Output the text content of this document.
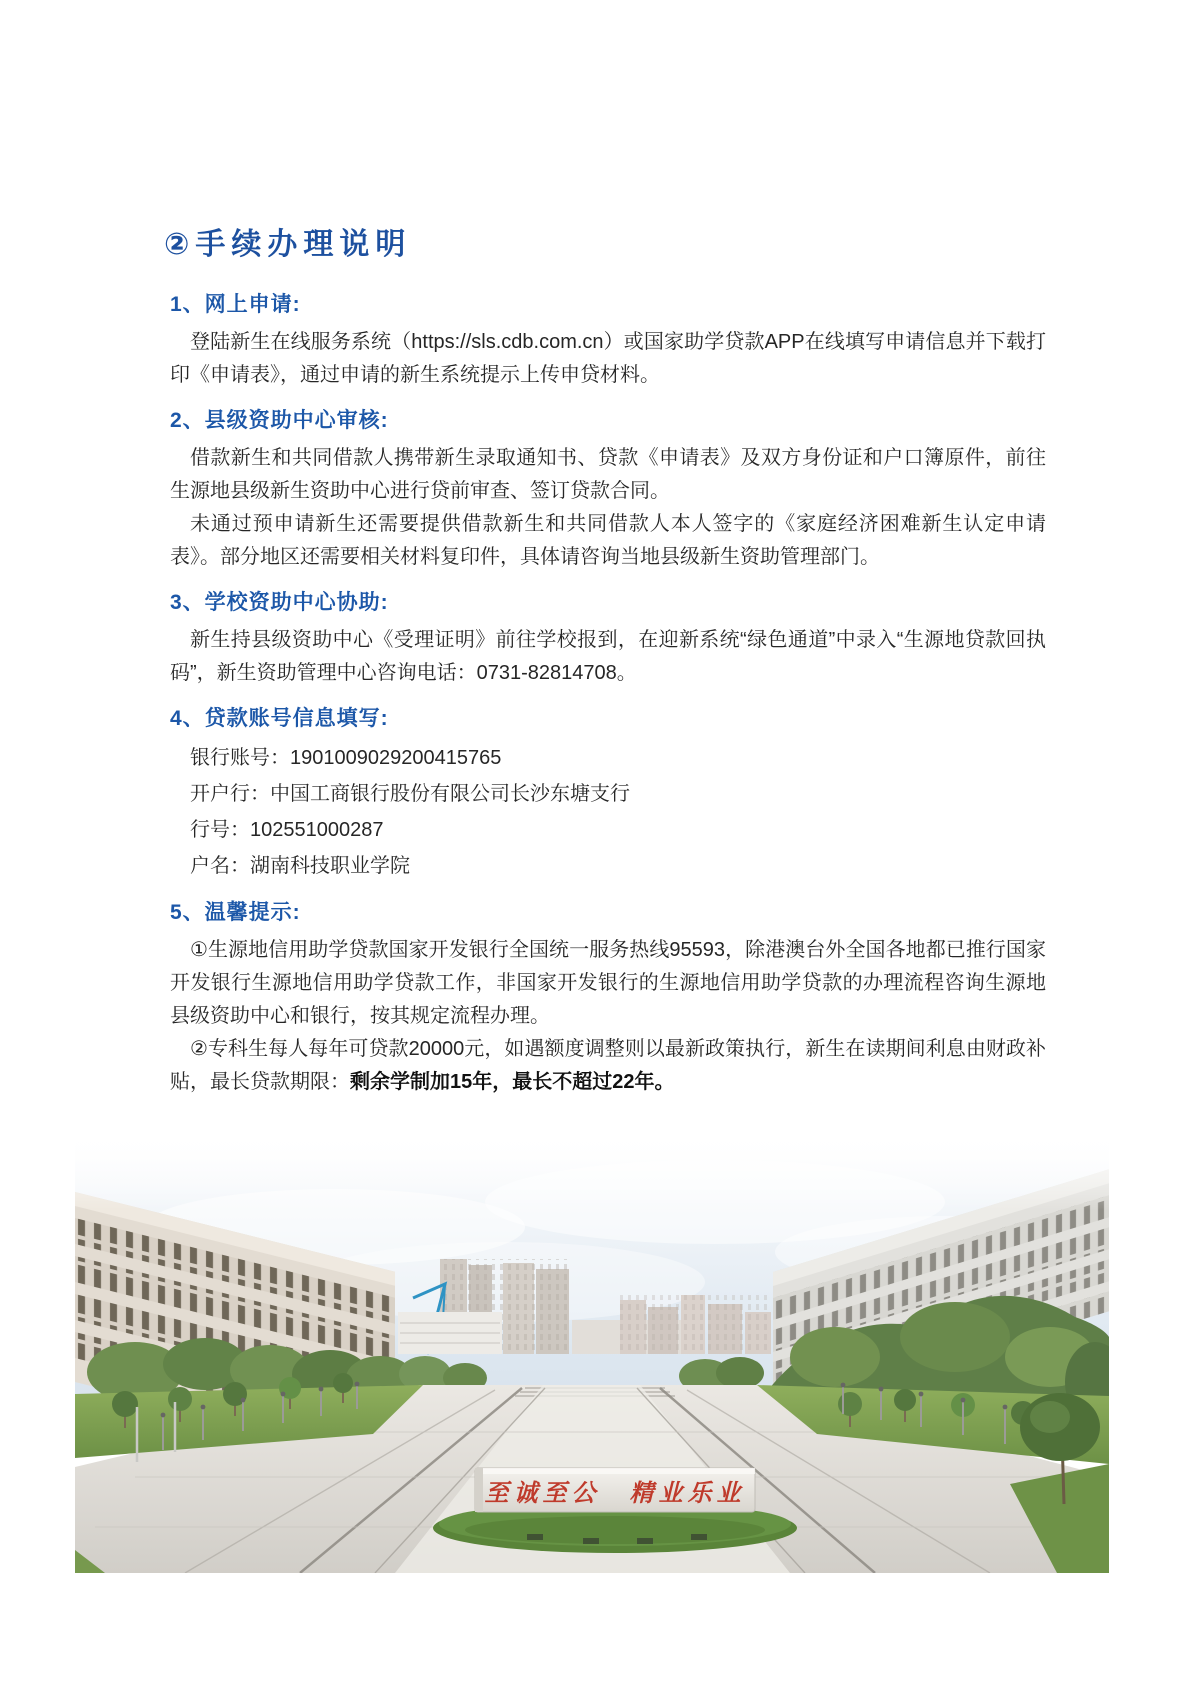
②手续办理说明
1、网上申请:

登陆新生在线服务系统（https://sls.cdb.com.cn）或国家助学贷款APP在线填写申请信息并下载打印《申请表》，通过申请的新生系统提示上传申贷材料。

2、县级资助中心审核:

借款新生和共同借款人携带新生录取通知书、贷款《申请表》及双方身份证和户口簿原件，前往生源地县级新生资助中心进行贷前审查、签订贷款合同。

未通过预申请新生还需要提供借款新生和共同借款人本人签字的《家庭经济困难新生认定申请表》。部分地区还需要相关材料复印件，具体请咨询当地县级新生资助管理部门。

3、学校资助中心协助:

新生持县级资助中心《受理证明》前往学校报到，在迎新系统“绿色通道”中录入“生源地贷款回执码”，新生资助管理中心咨询电话：0731-82814708。

4、贷款账号信息填写:

银行账号：1901009029200415765

开户行：中国工商银行股份有限公司长沙东塘支行

行号：102551000287

户名：湖南科技职业学院

5、温馨提示:

①生源地信用助学贷款国家开发银行全国统一服务热线95593，除港澳台外全国各地都已推行国家开发银行生源地信用助学贷款工作，非国家开发银行的生源地信用助学贷款的办理流程咨询生源地县级资助中心和银行，按其规定流程办理。

②专科生每人每年可贷款20000元，如遇额度调整则以最新政策执行，新生在读期间利息由财政补贴，最长贷款期限：剩余学制加15年，最长不超过22年。

至诚至公　精业乐业
